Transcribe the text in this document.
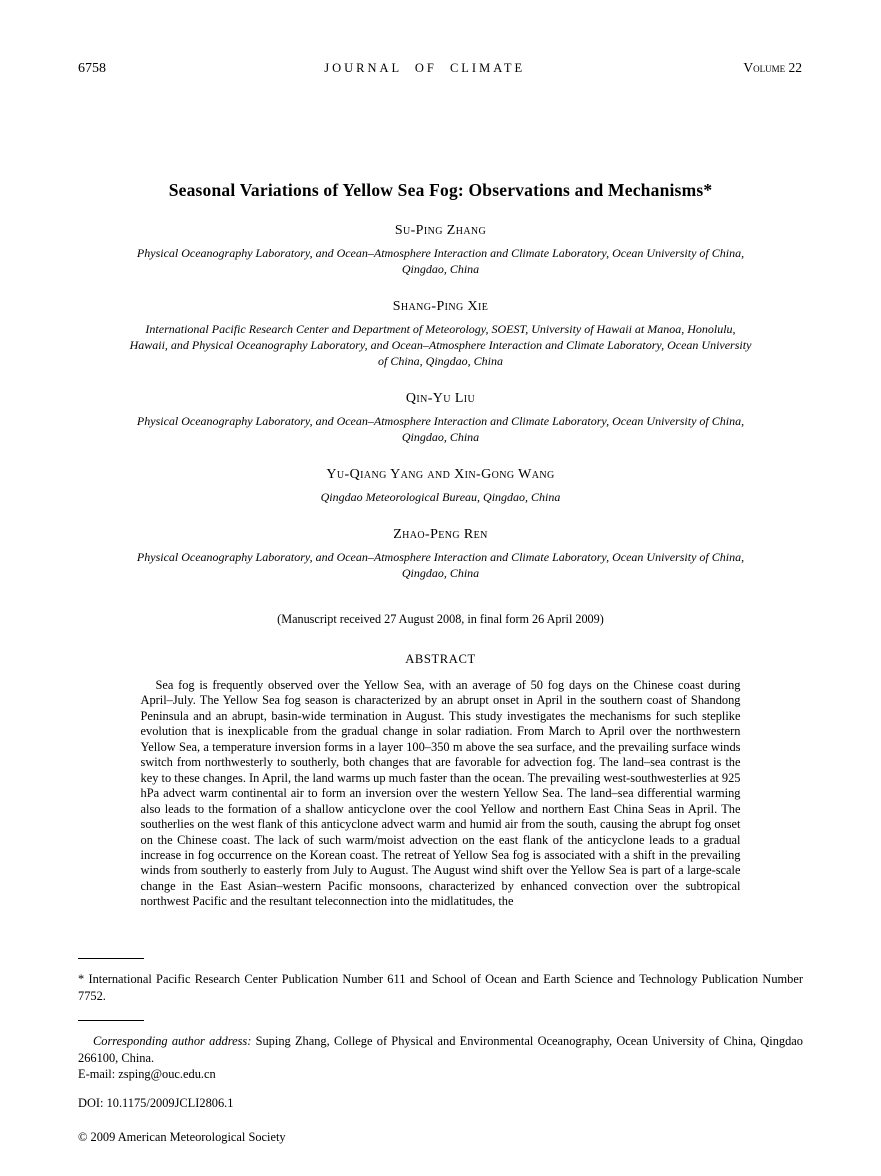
6758	JOURNAL OF CLIMATE	Volume 22
Seasonal Variations of Yellow Sea Fog: Observations and Mechanisms*
Su-Ping Zhang
Physical Oceanography Laboratory, and Ocean–Atmosphere Interaction and Climate Laboratory, Ocean University of China, Qingdao, China
Shang-Ping Xie
International Pacific Research Center and Department of Meteorology, SOEST, University of Hawaii at Manoa, Honolulu, Hawaii, and Physical Oceanography Laboratory, and Ocean–Atmosphere Interaction and Climate Laboratory, Ocean University of China, Qingdao, China
Qin-Yu Liu
Physical Oceanography Laboratory, and Ocean–Atmosphere Interaction and Climate Laboratory, Ocean University of China, Qingdao, China
Yu-Qiang Yang and Xin-Gong Wang
Qingdao Meteorological Bureau, Qingdao, China
Zhao-Peng Ren
Physical Oceanography Laboratory, and Ocean–Atmosphere Interaction and Climate Laboratory, Ocean University of China, Qingdao, China
(Manuscript received 27 August 2008, in final form 26 April 2009)
ABSTRACT

Sea fog is frequently observed over the Yellow Sea, with an average of 50 fog days on the Chinese coast during April–July. The Yellow Sea fog season is characterized by an abrupt onset in April in the southern coast of Shandong Peninsula and an abrupt, basin-wide termination in August. This study investigates the mechanisms for such steplike evolution that is inexplicable from the gradual change in solar radiation. From March to April over the northwestern Yellow Sea, a temperature inversion forms in a layer 100–350 m above the sea surface, and the prevailing surface winds switch from northwesterly to southerly, both changes that are favorable for advection fog. The land–sea contrast is the key to these changes. In April, the land warms up much faster than the ocean. The prevailing west-southwesterlies at 925 hPa advect warm continental air to form an inversion over the western Yellow Sea. The land–sea differential warming also leads to the formation of a shallow anticyclone over the cool Yellow and northern East China Seas in April. The southerlies on the west flank of this anticyclone advect warm and humid air from the south, causing the abrupt fog onset on the Chinese coast. The lack of such warm/moist advection on the east flank of the anticyclone leads to a gradual increase in fog occurrence on the Korean coast. The retreat of Yellow Sea fog is associated with a shift in the prevailing winds from southerly to easterly from July to August. The August wind shift over the Yellow Sea is part of a large-scale change in the East Asian–western Pacific monsoons, characterized by enhanced convection over the subtropical northwest Pacific and the resultant teleconnection into the midlatitudes, the

* International Pacific Research Center Publication Number 611 and School of Ocean and Earth Science and Technology Publication Number 7752.

Corresponding author address: Suping Zhang, College of Physical and Environmental Oceanography, Ocean University of China, Qingdao 266100, China.

E-mail: zsping@ouc.edu.cn

DOI: 10.1175/2009JCLI2806.1
© 2009 American Meteorological Society
